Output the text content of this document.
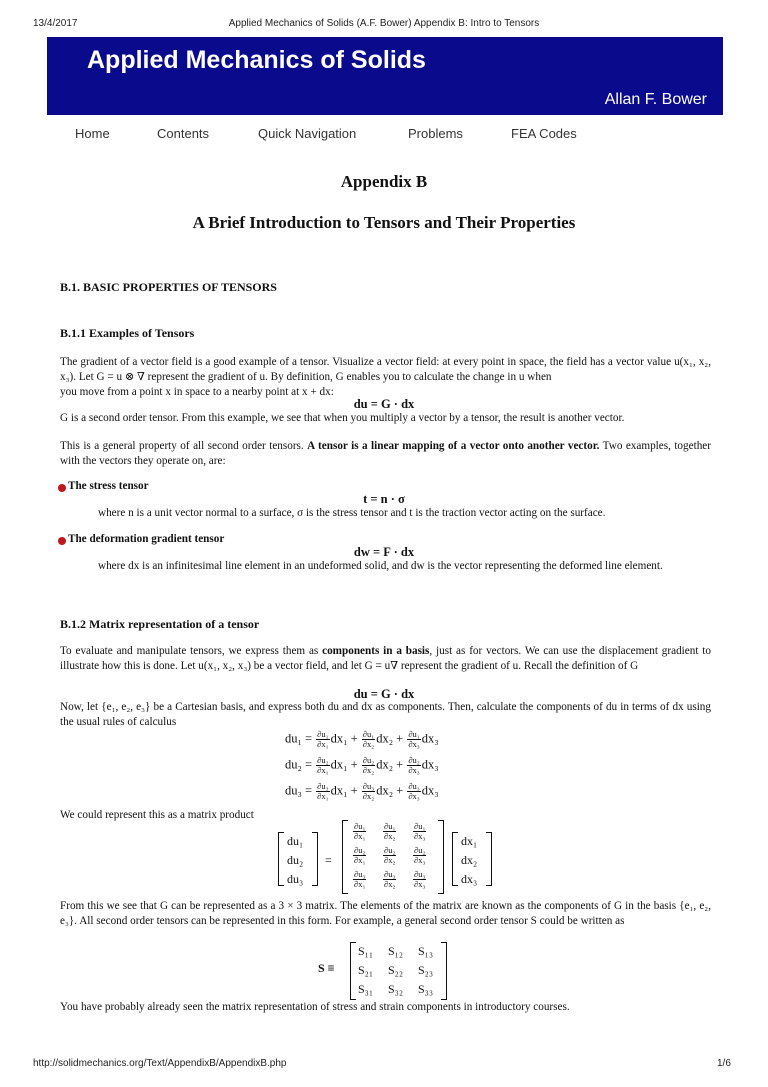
13/4/2017	Applied Mechanics of Solids (A.F. Bower) Appendix B: Intro to Tensors
Applied Mechanics of Solids
Allan F. Bower
Home	Contents	Quick Navigation	Problems	FEA Codes
Appendix B
A Brief Introduction to Tensors and Their Properties
B.1. BASIC PROPERTIES OF TENSORS
B.1.1 Examples of Tensors
The gradient of a vector field is a good example of a tensor. Visualize a vector field: at every point in space, the field has a vector value u(x₁, x₂, x₃). Let G = u ⊗ ∇ represent the gradient of u. By definition, G enables you to calculate the change in u when
you move from a point x in space to a nearby point at x + dx:
du = G · dx
G is a second order tensor. From this example, we see that when you multiply a vector by a tensor, the result is another vector.
This is a general property of all second order tensors. A tensor is a linear mapping of a vector onto another vector. Two examples, together with the vectors they operate on, are:
The stress tensor
t = n · σ
where n is a unit vector normal to a surface, σ is the stress tensor and t is the traction vector acting on the surface.
The deformation gradient tensor
dw = F · dx
where dx is an infinitesimal line element in an undeformed solid, and dw is the vector representing the deformed line element.
B.1.2 Matrix representation of a tensor
To evaluate and manipulate tensors, we express them as components in a basis, just as for vectors. We can use the displacement gradient to illustrate how this is done. Let u(x₁, x₂, x₃) be a vector field, and let G = u∇ represent the gradient of u. Recall the definition of G
du = G · dx
Now, let {e₁, e₂, e₃} be a Cartesian basis, and express both du and dx as components. Then, calculate the components of du in terms of dx using the usual rules of calculus
$du_1 = \frac{\text{∂u₁}}{\text{∂x₁}} dx_1 + \frac{\text{∂u₁}}{\text{∂x₂}} dx_2 + \frac{\text{∂u₁}}{\text{∂x₃}} dx_3$
$du_2 = \frac{\text{∂u₂}}{\text{∂x₁}} dx_1 + \frac{\text{∂u₂}}{\text{∂x₂}} dx_2 + \frac{\text{∂u₂}}{\text{∂x₃}} dx_3$
$du_3 = \frac{\text{∂u₃}}{\text{∂x₁}} dx_1 + \frac{\text{∂u₃}}{\text{∂x₂}} dx_2 + \frac{\text{∂u₃}}{\text{∂x₃}} dx_3$
We could represent this as a matrix product
du₁
du₂
du₃
=
$\frac{\text{∂u₁}}{\text{∂x₁}} \frac{\text{∂u₁}}{\text{∂x₂}} \frac{\text{∂u₁}}{\text{∂x₃}}$
$\frac{\text{∂u₂}}{\text{∂x₁}} \frac{\text{∂u₂}}{\text{∂x₂}} \frac{\text{∂u₂}}{\text{∂x₃}}$
$\frac{\text{∂u₃}}{\text{∂x₁}} \frac{\text{∂u₃}}{\text{∂x₂}} \frac{\text{∂u₃}}{\text{∂x₃}}$
dx₁
dx₂
dx₃
From this we see that G can be represented as a 3 × 3 matrix. The elements of the matrix are known as the components of G in the basis {e₁, e₂, e₃}. All second order tensors can be represented in this form. For example, a general second order tensor S could be written as
S ≡
S₁₁ S₁₂ S₁₃
S₂₁ S₂₂ S₂₃
S₃₁ S₃₂ S₃₃
You have probably already seen the matrix representation of stress and strain components in introductory courses.
http://solidmechanics.org/Text/AppendixB/AppendixB.php	1/6
